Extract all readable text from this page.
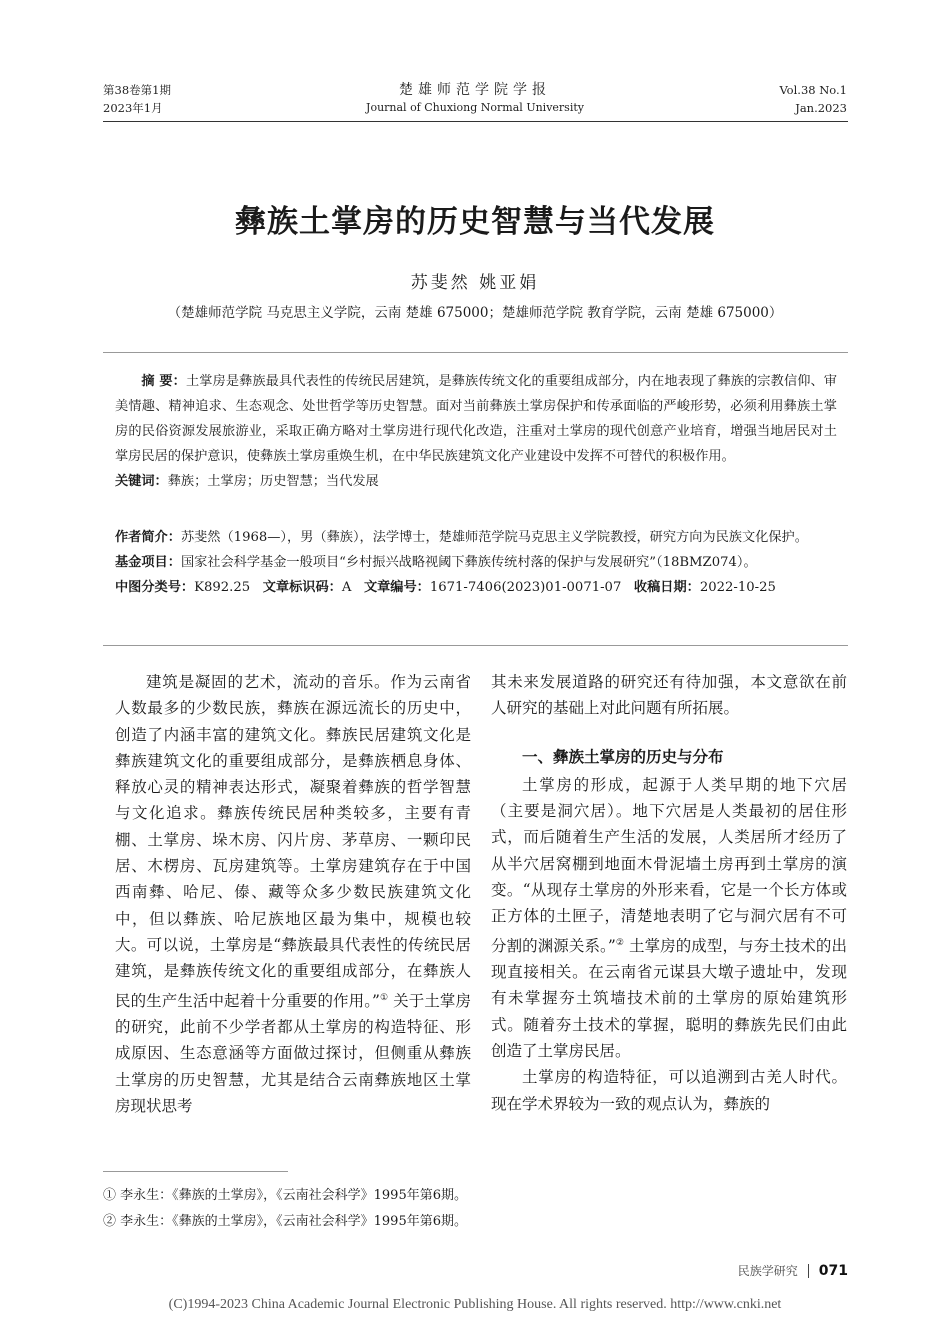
第38卷第1期
2023年1月
楚雄师范学院学报
Journal of Chuxiong Normal University
Vol.38 No.1
Jan.2023
彝族土掌房的历史智慧与当代发展
苏斐然 姚亚娟
（楚雄师范学院 马克思主义学院，云南 楚雄 675000；楚雄师范学院 教育学院，云南 楚雄 675000）

摘 要：土掌房是彝族最具代表性的传统民居建筑，是彝族传统文化的重要组成部分，内在地表现了彝族的宗教信仰、审美情趣、精神追求、生态观念、处世哲学等历史智慧。面对当前彝族土掌房保护和传承面临的严峻形势，必须利用彝族土掌房的民俗资源发展旅游业，采取正确方略对土掌房进行现代化改造，注重对土掌房的现代创意产业培育，增强当地居民对土掌房民居的保护意识，使彝族土掌房重焕生机，在中华民族建筑文化产业建设中发挥不可替代的积极作用。

关键词：彝族；土掌房；历史智慧；当代发展

作者简介：苏斐然（1968—），男（彝族），法学博士，楚雄师范学院马克思主义学院教授，研究方向为民族文化保护。

基金项目：国家社会科学基金一般项目“乡村振兴战略视阈下彝族传统村落的保护与发展研究”（18BMZ074）。

中图分类号：K892.25 文章标识码：A 文章编号：1671-7406(2023)01-0071-07 收稿日期：2022-10-25

建筑是凝固的艺术，流动的音乐。作为云南省人数最多的少数民族，彝族在源远流长的历史中，创造了内涵丰富的建筑文化。彝族民居建筑文化是彝族建筑文化的重要组成部分，是彝族栖息身体、释放心灵的精神表达形式，凝聚着彝族的哲学智慧与文化追求。彝族传统民居种类较多，主要有青棚、土掌房、垛木房、闪片房、茅草房、一颗印民居、木楞房、瓦房建筑等。土掌房建筑存在于中国西南彝、哈尼、傣、藏等众多少数民族建筑文化中，但以彝族、哈尼族地区最为集中，规模也较大。可以说，土掌房是“彝族最具代表性的传统民居建筑，是彝族传统文化的重要组成部分，在彝族人民的生产生活中起着十分重要的作用。”① 关于土掌房的研究，此前不少学者都从土掌房的构造特征、形成原因、生态意涵等方面做过探讨，但侧重从彝族土掌房的历史智慧，尤其是结合云南彝族地区土掌房现状思考

其未来发展道路的研究还有待加强，本文意欲在前人研究的基础上对此问题有所拓展。

一、彝族土掌房的历史与分布

土掌房的形成，起源于人类早期的地下穴居（主要是洞穴居）。地下穴居是人类最初的居住形式，而后随着生产生活的发展，人类居所才经历了从半穴居窝棚到地面木骨泥墙土房再到土掌房的演变。“从现存土掌房的外形来看，它是一个长方体或正方体的土匣子，清楚地表明了它与洞穴居有不可分割的渊源关系。”② 土掌房的成型，与夯土技术的出现直接相关。在云南省元谋县大墩子遗址中，发现有未掌握夯土筑墙技术前的土掌房的原始建筑形式。随着夯土技术的掌握，聪明的彝族先民们由此创造了土掌房民居。

土掌房的构造特征，可以追溯到古羌人时代。现在学术界较为一致的观点认为，彝族的

① 李永生：《彝族的土掌房》，《云南社会科学》1995年第6期。
② 李永生：《彝族的土掌房》，《云南社会科学》1995年第6期。
民族学研究 071
(C)1994-2023 China Academic Journal Electronic Publishing House. All rights reserved. http://www.cnki.net
